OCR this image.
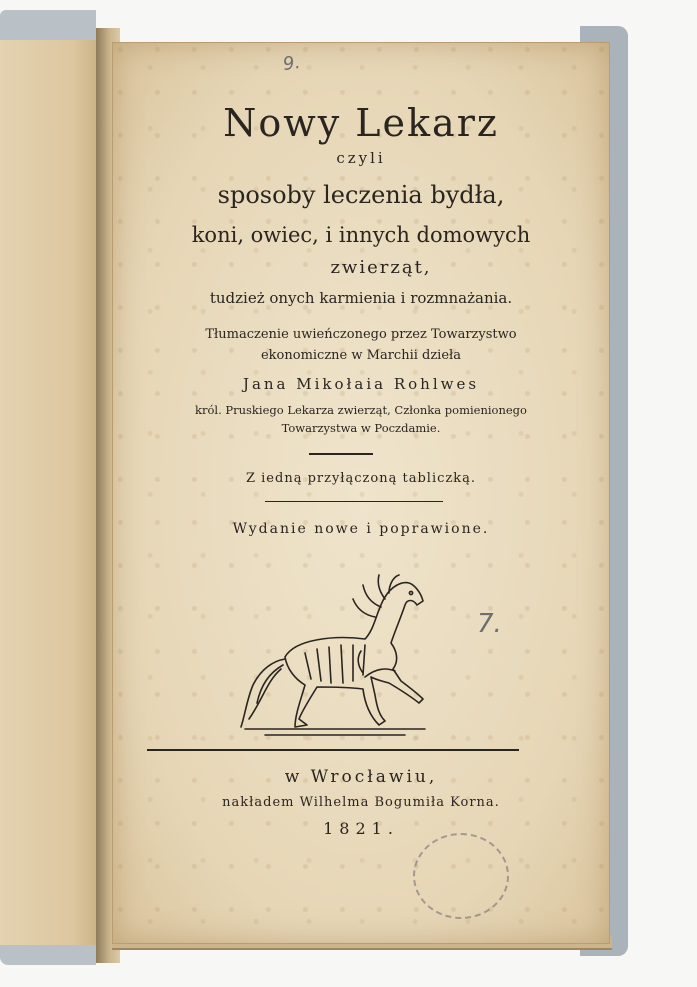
9.
Nowy Lekarz
czyli
sposoby leczenia bydła,
koni, owiec, i innych domowych
zwierząt,
tudzież onych karmienia i rozmnażania.
Tłumaczenie uwieńczonego przez Towarzystwo
ekonomiczne w Marchii dzieła
Jana Mikołaia Rohlwes
król. Pruskiego Lekarza zwierząt, Członka pomienionego
Towarzystwa w Poczdamie.
Z iedną przyłączoną tabliczką.
Wydanie nowe i poprawione.
7.
w Wrocławiu,
nakładem Wilhelma Bogumiła Korna.
1821.
